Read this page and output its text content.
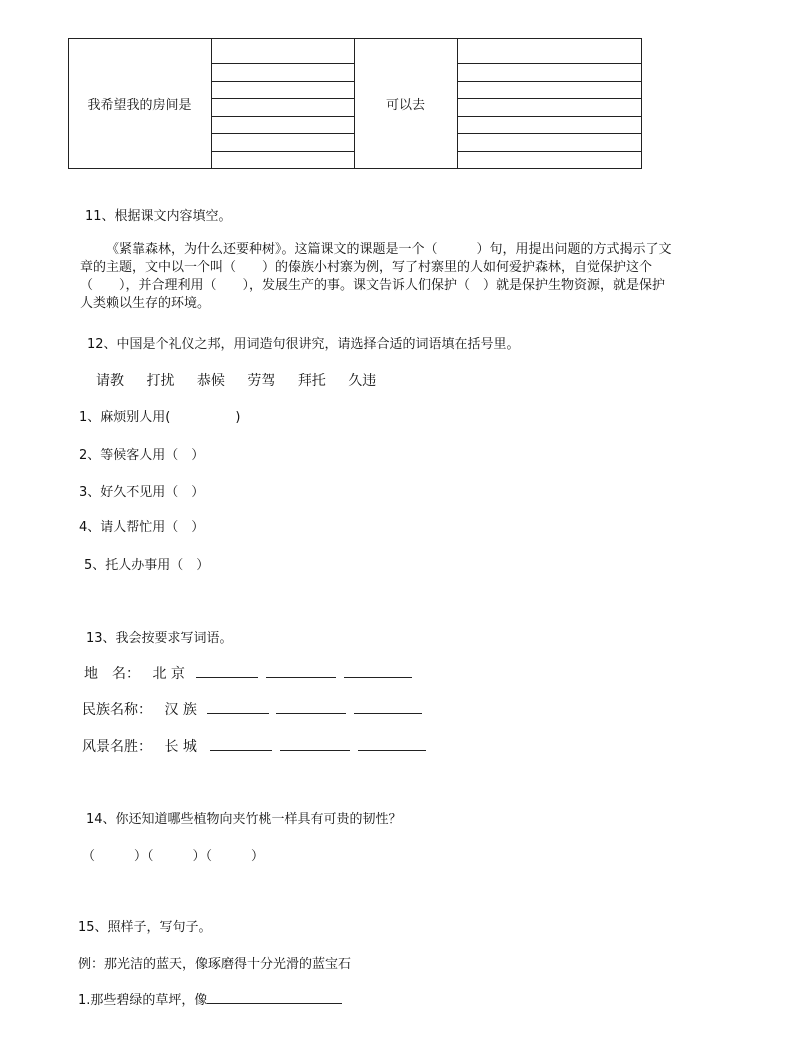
我希望我的房间是	可以去
11、根据课文内容填空。
《紧靠森林，为什么还要种树》。这篇课文的课题是一个（　　　）句，用提出问题的方式揭示了文
章的主题，文中以一个叫（　　）的傣族小村寨为例，写了村寨里的人如何爱护森林，自觉保护这个
（　　），并合理利用（　　），发展生产的事。课文告诉人们保护（　）就是保护生物资源，就是保护
人类赖以生存的环境。
12、中国是个礼仪之邦，用词造句很讲究，请选择合适的词语填在括号里。
请教 打扰 恭候 劳驾 拜托 久违
1、麻烦别人用(　　　　　)
2、等候客人用（　）
3、好久不见用（　）
4、请人帮忙用（　）
5、托人办事用（　）
13、我会按要求写词语。
地　名： 北 京
民族名称： 汉 族
风景名胜： 长 城
14、你还知道哪些植物向夹竹桃一样具有可贵的韧性？
（　　　）（　　　）（　　　）
15、照样子，写句子。
例：那光洁的蓝天，像琢磨得十分光滑的蓝宝石
1.那些碧绿的草坪，像
